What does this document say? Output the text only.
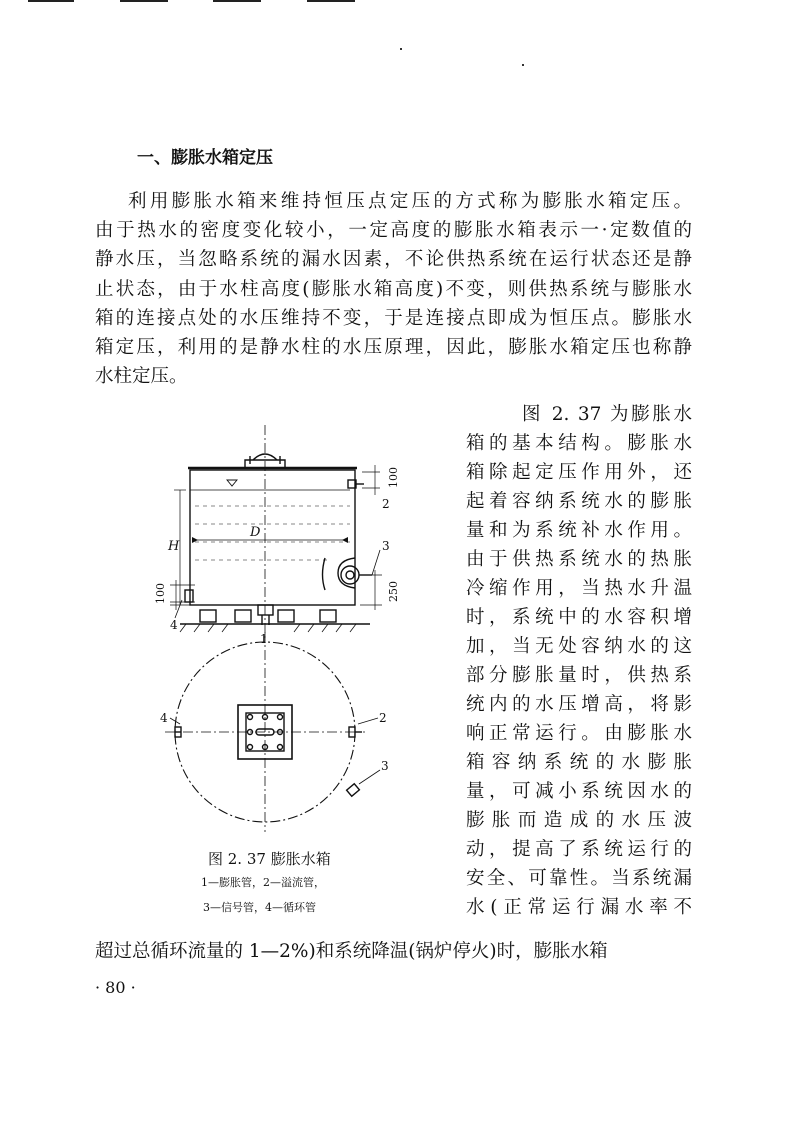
一、膨胀水箱定压
利用膨胀水箱来维持恒压点定压的方式称为膨胀水箱定压。
由于热水的密度变化较小，一定高度的膨胀水箱表示一·定数值的
静水压，当忽略系统的漏水因素，不论供热系统在运行状态还是静
止状态，由于水柱高度(膨胀水箱高度)不变，则供热系统与膨胀水
箱的连接点处的水压维持不变，于是连接点即成为恒压点。膨胀水
箱定压，利用的是静水柱的水压原理，因此，膨胀水箱定压也称静
水柱定压。
图 2. 37 为膨胀水
箱的基本结构。膨胀水
箱除起定压作用外，还
起着容纳系统水的膨胀
量和为系统补水作用。
由于供热系统水的热胀
冷缩作用，当热水升温
时，系统中的水容积增
加，当无处容纳水的这
部分膨胀量时，供热系
统内的水压增高，将影
响正常运行。由膨胀水
箱容纳系统的水膨胀
量，可减小系统因水的
膨胀而造成的水压波
动，提高了系统运行的
安全、可靠性。当系统漏
水(正常运行漏水率不
超过总循环流量的 1—2%)和系统降温(锅炉停火)时，膨胀水箱
H
D
100
250
100
1
2
3
4
2
3
4
图 2. 37 膨胀水箱
1—膨胀管，2—溢流管，
3—信号管，4—循环管
· 80 ·
